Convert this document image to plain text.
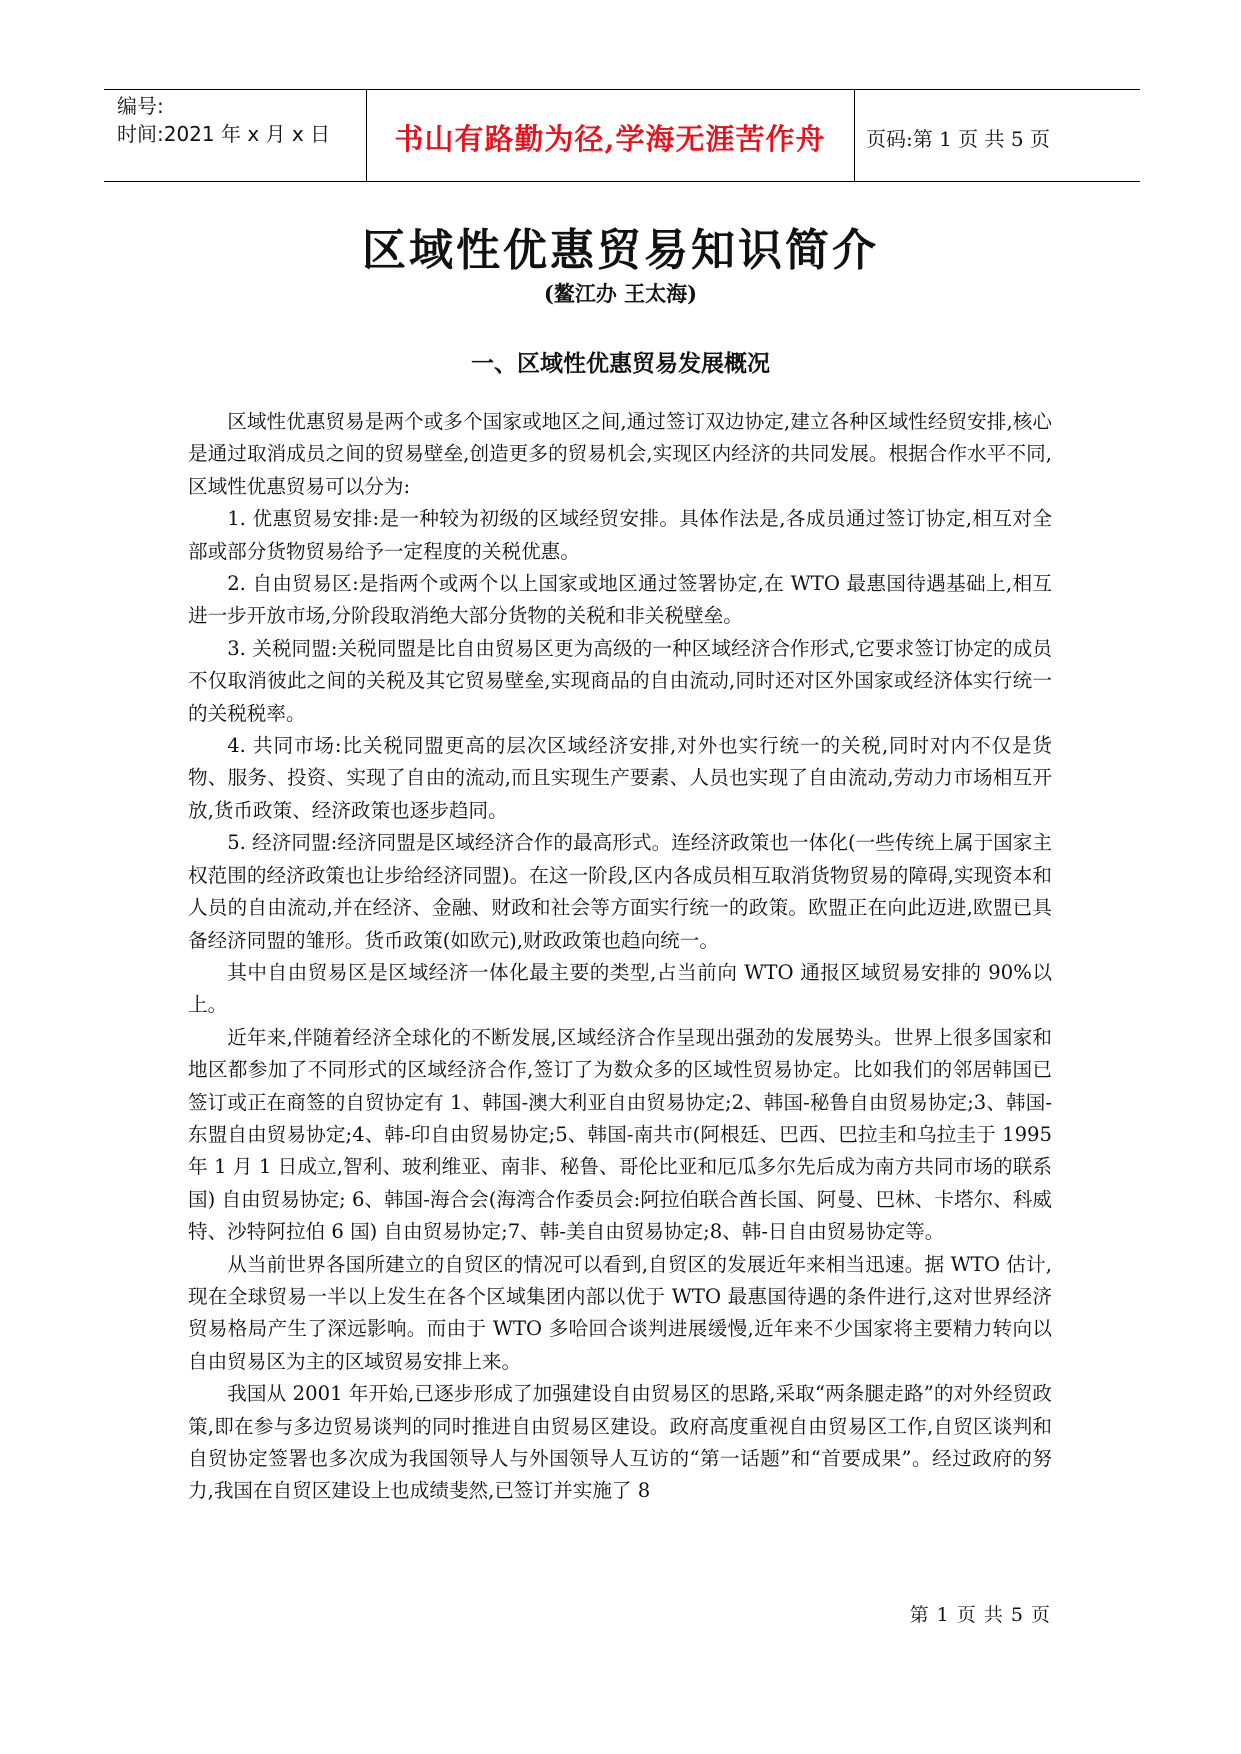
编号:
时间:2021 年 x 月 x 日	书山有路勤为径,学海无涯苦作舟	页码:第 1 页 共 5 页
区域性优惠贸易知识简介
(鳌江办 王太海)
一、区域性优惠贸易发展概况

区域性优惠贸易是两个或多个国家或地区之间,通过签订双边协定,建立各种区域性经贸安排,核心是通过取消成员之间的贸易壁垒,创造更多的贸易机会,实现区内经济的共同发展。根据合作水平不同,区域性优惠贸易可以分为:

1. 优惠贸易安排:是一种较为初级的区域经贸安排。具体作法是,各成员通过签订协定,相互对全部或部分货物贸易给予一定程度的关税优惠。

2. 自由贸易区:是指两个或两个以上国家或地区通过签署协定,在 WTO 最惠国待遇基础上,相互进一步开放市场,分阶段取消绝大部分货物的关税和非关税壁垒。

3. 关税同盟:关税同盟是比自由贸易区更为高级的一种区域经济合作形式,它要求签订协定的成员不仅取消彼此之间的关税及其它贸易壁垒,实现商品的自由流动,同时还对区外国家或经济体实行统一的关税税率。

4. 共同市场:比关税同盟更高的层次区域经济安排,对外也实行统一的关税,同时对内不仅是货物、服务、投资、实现了自由的流动,而且实现生产要素、人员也实现了自由流动,劳动力市场相互开放,货币政策、经济政策也逐步趋同。

5. 经济同盟:经济同盟是区域经济合作的最高形式。连经济政策也一体化(一些传统上属于国家主权范围的经济政策也让步给经济同盟)。在这一阶段,区内各成员相互取消货物贸易的障碍,实现资本和人员的自由流动,并在经济、金融、财政和社会等方面实行统一的政策。欧盟正在向此迈进,欧盟已具备经济同盟的雏形。货币政策(如欧元),财政政策也趋向统一。

其中自由贸易区是区域经济一体化最主要的类型,占当前向 WTO 通报区域贸易安排的 90%以上。

近年来,伴随着经济全球化的不断发展,区域经济合作呈现出强劲的发展势头。世界上很多国家和地区都参加了不同形式的区域经济合作,签订了为数众多的区域性贸易协定。比如我们的邻居韩国已签订或正在商签的自贸协定有 1、韩国-澳大利亚自由贸易协定;2、韩国-秘鲁自由贸易协定;3、韩国-东盟自由贸易协定;4、韩-印自由贸易协定;5、韩国-南共市(阿根廷、巴西、巴拉圭和乌拉圭于 1995 年 1 月 1 日成立,智利、玻利维亚、南非、秘鲁、哥伦比亚和厄瓜多尔先后成为南方共同市场的联系国) 自由贸易协定; 6、韩国-海合会(海湾合作委员会:阿拉伯联合酋长国、阿曼、巴林、卡塔尔、科威特、沙特阿拉伯 6 国) 自由贸易协定;7、韩-美自由贸易协定;8、韩-日自由贸易协定等。

从当前世界各国所建立的自贸区的情况可以看到,自贸区的发展近年来相当迅速。据 WTO 估计,现在全球贸易一半以上发生在各个区域集团内部以优于 WTO 最惠国待遇的条件进行,这对世界经济贸易格局产生了深远影响。而由于 WTO 多哈回合谈判进展缓慢,近年来不少国家将主要精力转向以自由贸易区为主的区域贸易安排上来。

我国从 2001 年开始,已逐步形成了加强建设自由贸易区的思路,采取“两条腿走路”的对外经贸政策,即在参与多边贸易谈判的同时推进自由贸易区建设。政府高度重视自由贸易区工作,自贸区谈判和自贸协定签署也多次成为我国领导人与外国领导人互访的“第一话题”和“首要成果”。经过政府的努力,我国在自贸区建设上也成绩斐然,已签订并实施了 8

第 1 页 共 5 页
